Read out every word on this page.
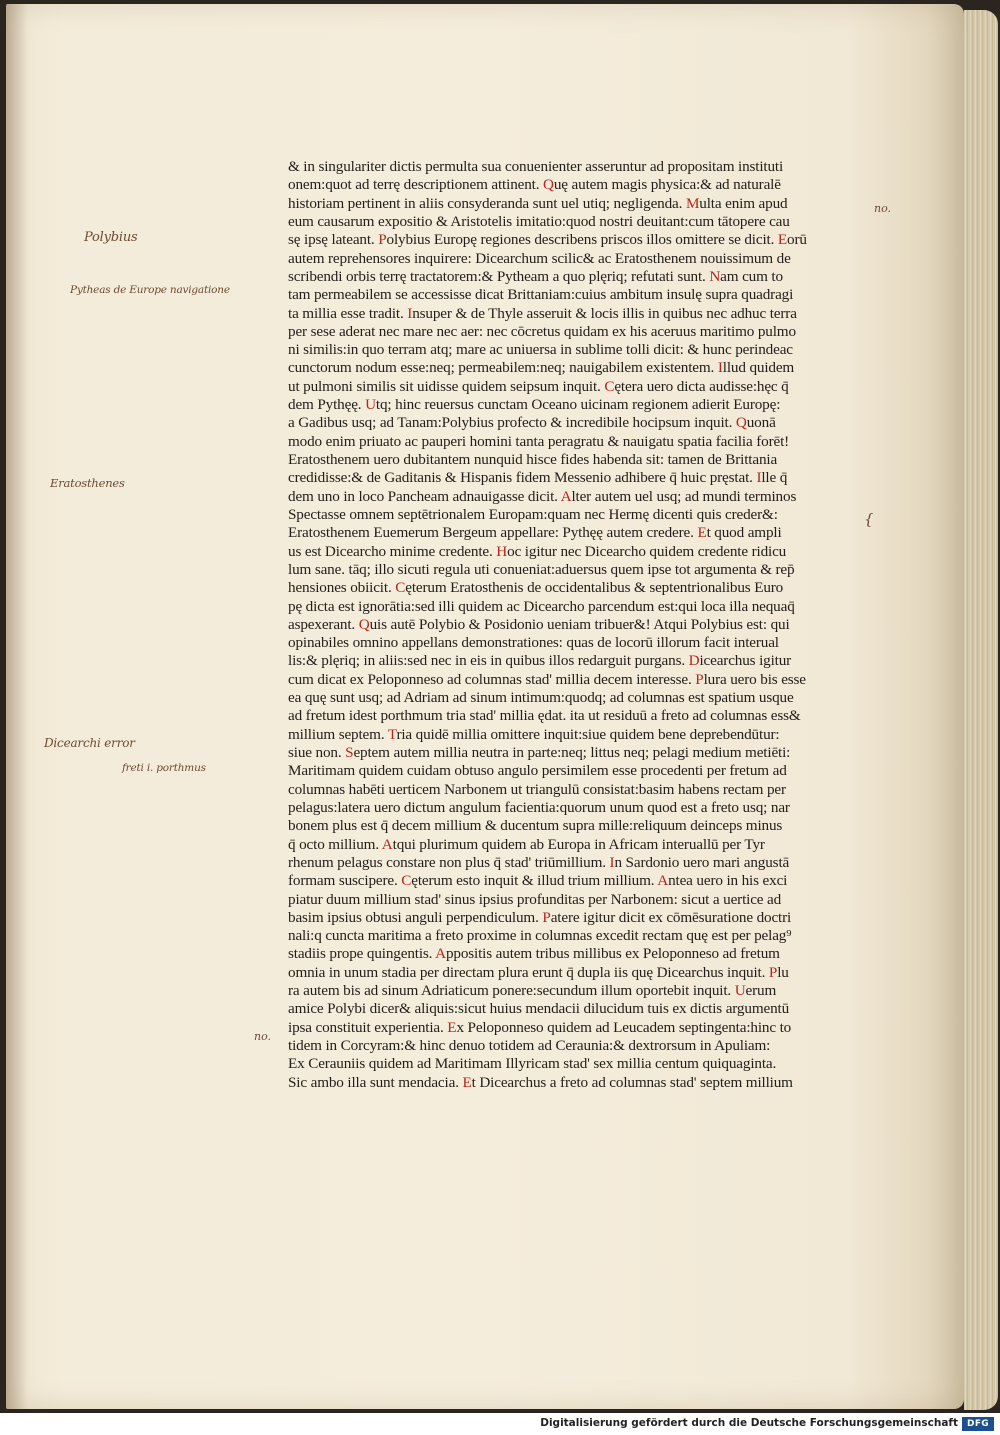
Polybius
Pytheas de Europe navigatione
Eratosthenes
Dicearchi error
freti i. porthmus
no.
{
no.
& in singulariter dictis permulta sua conuenienter asseruntur ad propositam instituti
onem:quot ad terrę descriptionem attinent. Quę autem magis physica:& ad naturalē
historiam pertinent in aliis consyderanda sunt uel utiq; negligenda. Multa enim apud
eum causarum expositio & Aristotelis imitatio:quod nostri deuitant:cum tātopere cau
sę ipsę lateant. Polybius Europę regiones describens priscos illos omittere se dicit. Eorū
autem reprehensores inquirere: Dicearchum scilic& ac Eratosthenem nouissimum de
scribendi orbis terrę tractatorem:& Pytheam a quo plęriq; refutati sunt. Nam cum to
tam permeabilem se accessisse dicat Brittaniam:cuius ambitum insulę supra quadragi
ta millia esse tradit. Insuper & de Thyle asseruit & locis illis in quibus nec adhuc terra
per sese aderat nec mare nec aer: nec cōcretus quidam ex his aceruus maritimo pulmo
ni similis:in quo terram atq; mare ac uniuersa in sublime tolli dicit: & hunc perindeac
cunctorum nodum esse:neq; permeabilem:neq; nauigabilem existentem. Illud quidem
ut pulmoni similis sit uidisse quidem seipsum inquit. Cętera uero dicta audisse:hęc q̄
dem Pythęę. Utq; hinc reuersus cunctam Oceano uicinam regionem adierit Europę:
a Gadibus usq; ad Tanam:Polybius profecto & incredibile hocipsum inquit. Quonā
modo enim priuato ac pauperi homini tanta peragratu & nauigatu spatia facilia forēt!
Eratosthenem uero dubitantem nunquid hisce fides habenda sit: tamen de Brittania
credidisse:& de Gaditanis & Hispanis fidem Messenio adhibere q̄ huic pręstat. Ille q̄
dem uno in loco Pancheam adnauigasse dicit. Alter autem uel usq; ad mundi terminos
Spectasse omnem septētrionalem Europam:quam nec Hermę dicenti quis creder&:
Eratosthenem Euemerum Bergeum appellare: Pythęę autem credere. Et quod ampli
us est Dicearcho minime credente. Hoc igitur nec Dicearcho quidem credente ridicu
lum sane. tāq; illo sicuti regula uti conueniat:aduersus quem ipse tot argumenta & rep̄
hensiones obiicit. Cęterum Eratosthenis de occidentalibus & septentrionalibus Euro
pę dicta est ignorātia:sed illi quidem ac Dicearcho parcendum est:qui loca illa nequaq̄
aspexerant. Quis autē Polybio & Posidonio ueniam tribuer&! Atqui Polybius est: qui
opinabiles omnino appellans demonstrationes: quas de locorū illorum facit interual
lis:& plęriq; in aliis:sed nec in eis in quibus illos redarguit purgans. Dicearchus igitur
cum dicat ex Peloponneso ad columnas stad' millia decem interesse. Plura uero bis esse
ea quę sunt usq; ad Adriam ad sinum intimum:quodq; ad columnas est spatium usque
ad fretum idest porthmum tria stad' millia ędat. ita ut residuū a freto ad columnas ess&
millium septem. Tria quidē millia omittere inquit:siue quidem bene deprebendūtur:
siue non. Septem autem millia neutra in parte:neq; littus neq; pelagi medium metiēti:
Maritimam quidem cuidam obtuso angulo persimilem esse procedenti per fretum ad
columnas habēti uerticem Narbonem ut triangulū consistat:basim habens rectam per
pelagus:latera uero dictum angulum facientia:quorum unum quod est a freto usq; nar
bonem plus est q̄ decem millium & ducentum supra mille:reliquum deinceps minus
q̄ octo millium. Atqui plurimum quidem ab Europa in Africam interuallū per Tyr
rhenum pelagus constare non plus q̄ stad' triūmillium. In Sardonio uero mari angustā
formam suscipere. Cęterum esto inquit & illud trium millium. Antea uero in his exci
piatur duum millium stad' sinus ipsius profunditas per Narbonem: sicut a uertice ad
basim ipsius obtusi anguli perpendiculum. Patere igitur dicit ex cōmēsuratione doctri
nali:q cuncta maritima a freto proxime in columnas excedit rectam quę est per pelag⁹
stadiis prope quingentis. Appositis autem tribus millibus ex Peloponneso ad fretum
omnia in unum stadia per directam plura erunt q̄ dupla iis quę Dicearchus inquit. Plu
ra autem bis ad sinum Adriaticum ponere:secundum illum oportebit inquit. Uerum
amice Polybi dicer& aliquis:sicut huius mendacii dilucidum tuis ex dictis argumentū
ipsa constituit experientia. Ex Peloponneso quidem ad Leucadem septingenta:hinc to
tidem in Corcyram:& hinc denuo totidem ad Ceraunia:& dextrorsum in Apuliam:
Ex Cerauniis quidem ad Maritimam Illyricam stad' sex millia centum quiquaginta.
Sic ambo illa sunt mendacia. Et Dicearchus a freto ad columnas stad' septem millium
Digitalisierung gefördert durch die Deutsche Forschungsgemeinschaft	DFG
